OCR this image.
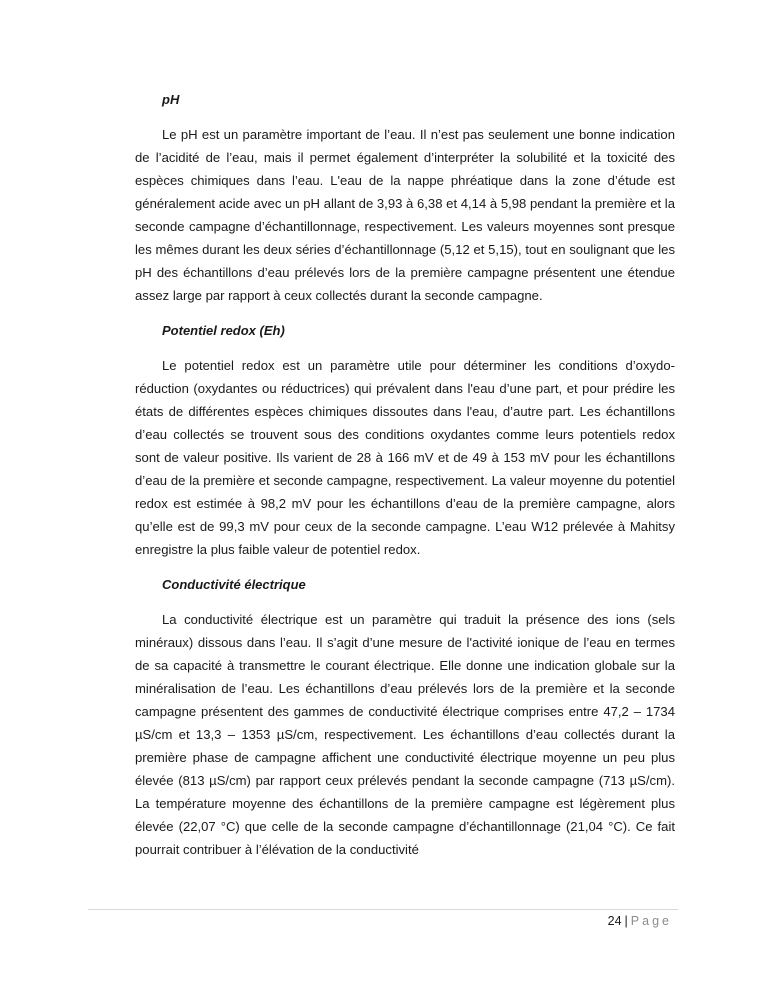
pH

Le pH est un paramètre important de l’eau. Il n’est pas seulement une bonne indication de l’acidité de l’eau, mais il permet également d’interpréter la solubilité et la toxicité des espèces chimiques dans l’eau. L'eau de la nappe phréatique dans la zone d’étude est généralement acide avec un pH allant de 3,93 à 6,38 et 4,14 à 5,98 pendant la première et la seconde campagne d’échantillonnage, respectivement. Les valeurs moyennes sont presque les mêmes durant les deux séries d’échantillonnage (5,12 et 5,15), tout en soulignant que les pH des échantillons d’eau prélevés lors de la première campagne présentent une étendue assez large par rapport à ceux collectés durant la seconde campagne.

Potentiel redox (Eh)

Le potentiel redox est un paramètre utile pour déterminer les conditions d’oxydo-réduction (oxydantes ou réductrices) qui prévalent dans l'eau d’une part, et pour prédire les états de différentes espèces chimiques dissoutes dans l'eau, d’autre part. Les échantillons d’eau collectés se trouvent sous des conditions oxydantes comme leurs potentiels redox sont de valeur positive. Ils varient de 28 à 166 mV et de 49 à 153 mV pour les échantillons d’eau de la première et seconde campagne, respectivement. La valeur moyenne du potentiel redox est estimée à 98,2 mV pour les échantillons d’eau de la première campagne, alors qu’elle est de 99,3 mV pour ceux de la seconde campagne. L’eau W12 prélevée à Mahitsy enregistre la plus faible valeur de potentiel redox.

Conductivité électrique

La conductivité électrique est un paramètre qui traduit la présence des ions (sels minéraux) dissous dans l’eau. Il s’agit d’une mesure de l'activité ionique de l’eau en termes de sa capacité à transmettre le courant électrique. Elle donne une indication globale sur la minéralisation de l’eau. Les échantillons d’eau prélevés lors de la première et la seconde campagne présentent des gammes de conductivité électrique comprises entre 47,2 – 1734 µS/cm et 13,3 – 1353 µS/cm, respectivement. Les échantillons d’eau collectés durant la première phase de campagne affichent une conductivité électrique moyenne un peu plus élevée (813 µS/cm) par rapport ceux prélevés pendant la seconde campagne (713 µS/cm). La température moyenne des échantillons de la première campagne est légèrement plus élevée (22,07 °C) que celle de la seconde campagne d’échantillonnage (21,04 °C). Ce fait pourrait contribuer à l’élévation de la conductivité

24 | Page
